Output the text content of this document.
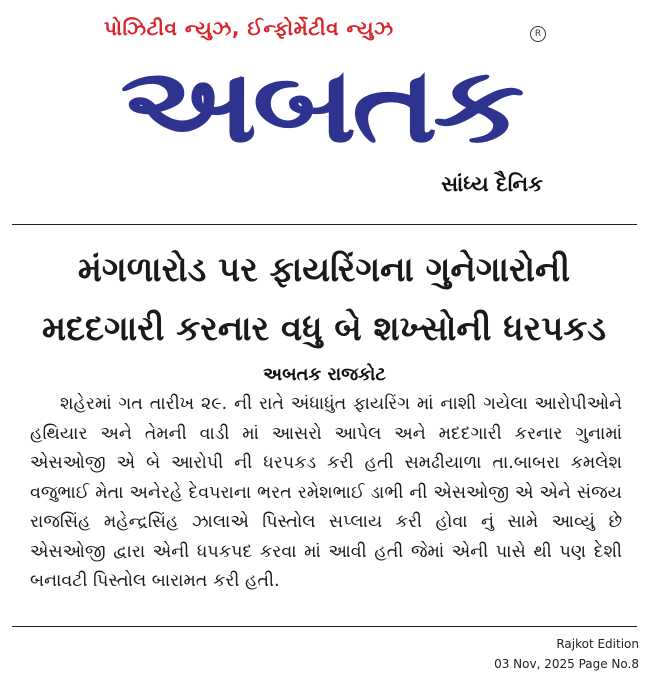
પોઝિટીવ ન્યુઝ, ઈન્ફોર્મેટીવ ન્યુઝ	R
અબતક
સાંધ્ય દૈનિક
મંગળારોડ પર ફાયરિંગના ગુનેગારોની
મદદગારી કરનાર વધુ બે શખ્સોની ધરપકડ
અબતક રાજકોટ

શહેરમાં ગત તારીખ ૨૯. ની રાતે અંધાધુંત ફાયરિંગ માં નાશી ગયેલા આરોપીઓને હથિયાર અને તેમની વાડી માં આસરો આપેલ અને મદદગારી કરનાર ગુનામાં એસઓજી એ બે આરોપી ની ધરપકડ કરી હતી સમઢીયાળા તા.બાબરા કમલેશ વજુભાઈ મેતા અનેરહે દેવપરાના ભરત રમેશભાઈ ડાભી ની એસઓજી એ એને સંજય રાજસિંહ મહેન્દ્રસિંહ ઝાલાએ પિસ્તોલ સપ્લાય કરી હોવા નું સામે આવ્યું છે એસઓજી દ્વારા એની ધપકપદ કરવા માં આવી હતી જેમાં એની પાસે થી પણ દેશી બનાવટી પિસ્તોલ બારામત કરી હતી.

Rajkot Edition
03 Nov, 2025 Page No.8
